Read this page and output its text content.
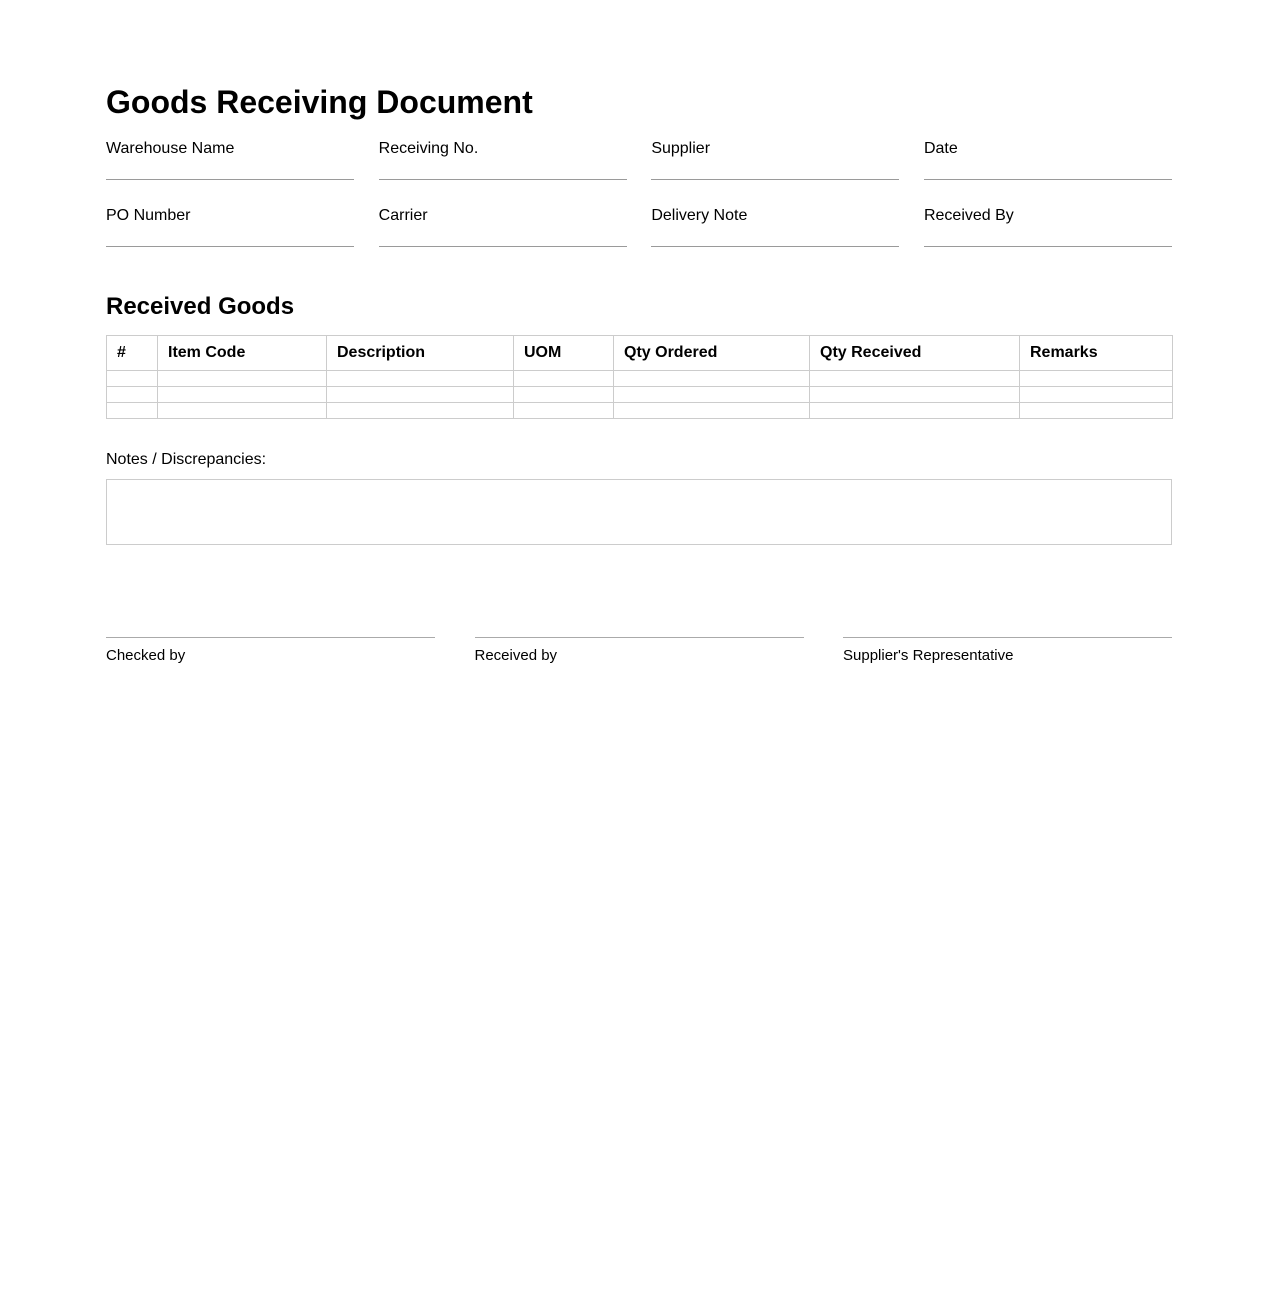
Goods Receiving Document
Warehouse Name	Receiving No.	Supplier	Date
PO Number	Carrier	Delivery Note	Received By
Received Goods
#	Item Code	Description	UOM	Qty Ordered	Qty Received	Remarks

Notes / Discrepancies:
Checked by	Received by	Supplier's Representative
